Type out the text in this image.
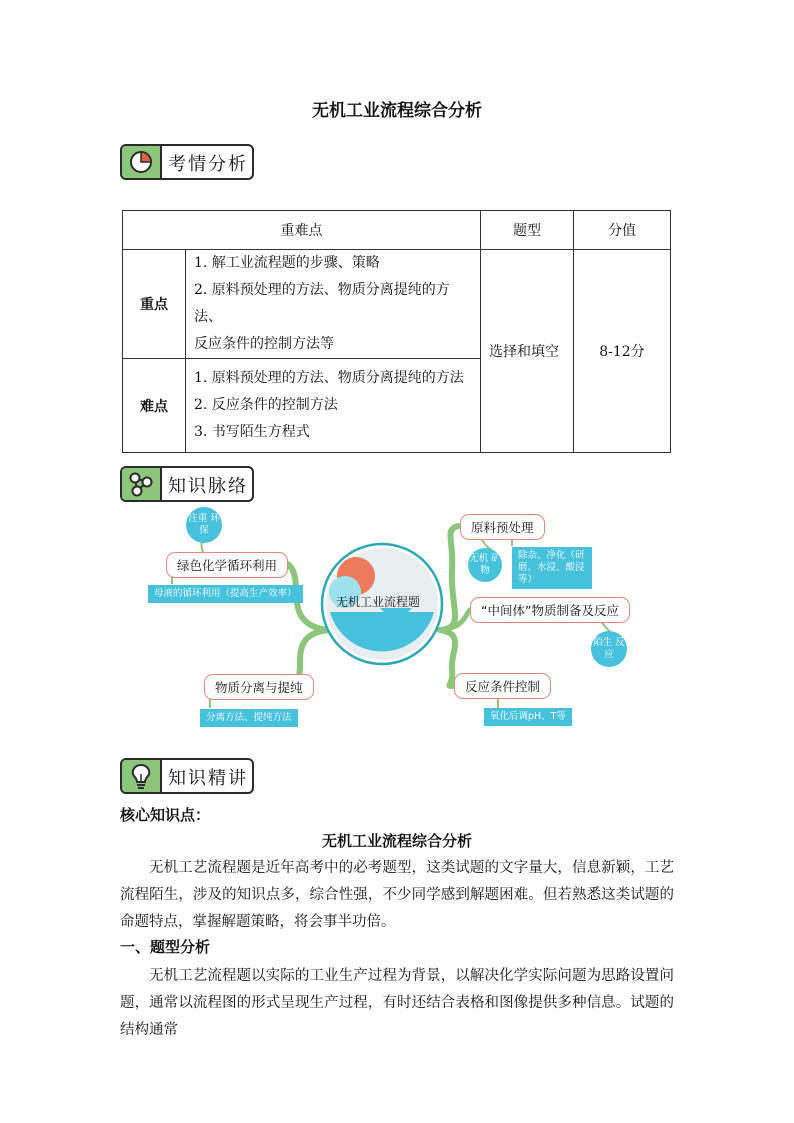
无机工业流程综合分析
考情分析
重难点		题型	分值
重点	1. 解工业流程题的步骤、策略
2. 原料预处理的方法、物质分离提纯的方法、
反应条件的控制方法等	选择和填空	8-12分
难点	1. 原料预处理的方法、物质分离提纯的方法
2. 反应条件的控制方法
3. 书写陌生方程式		
知识脉络
无机工业流程题
注重 环保
绿色化学循环利用
母液的循环利用（提高生产效率）
物质分离与提纯
分离方法、提纯方法
原料预处理
无机 矿物
除杂、净化（研磨、水浸、酸浸等）
“中间体”物质制备及反应
陌生 反应
反应条件控制
氧化后调pH、T等
知识精讲
核心知识点：
无机工业流程综合分析
无机工艺流程题是近年高考中的必考题型，这类试题的文字量大，信息新颖，工艺流程陌生，涉及的知识点多，综合性强，不少同学感到解题困难。但若熟悉这类试题的命题特点，掌握解题策略，将会事半功倍。
一、题型分析
无机工艺流程题以实际的工业生产过程为背景，以解决化学实际问题为思路设置问题，通常以流程图的形式呈现生产过程，有时还结合表格和图像提供多种信息。试题的结构通常
